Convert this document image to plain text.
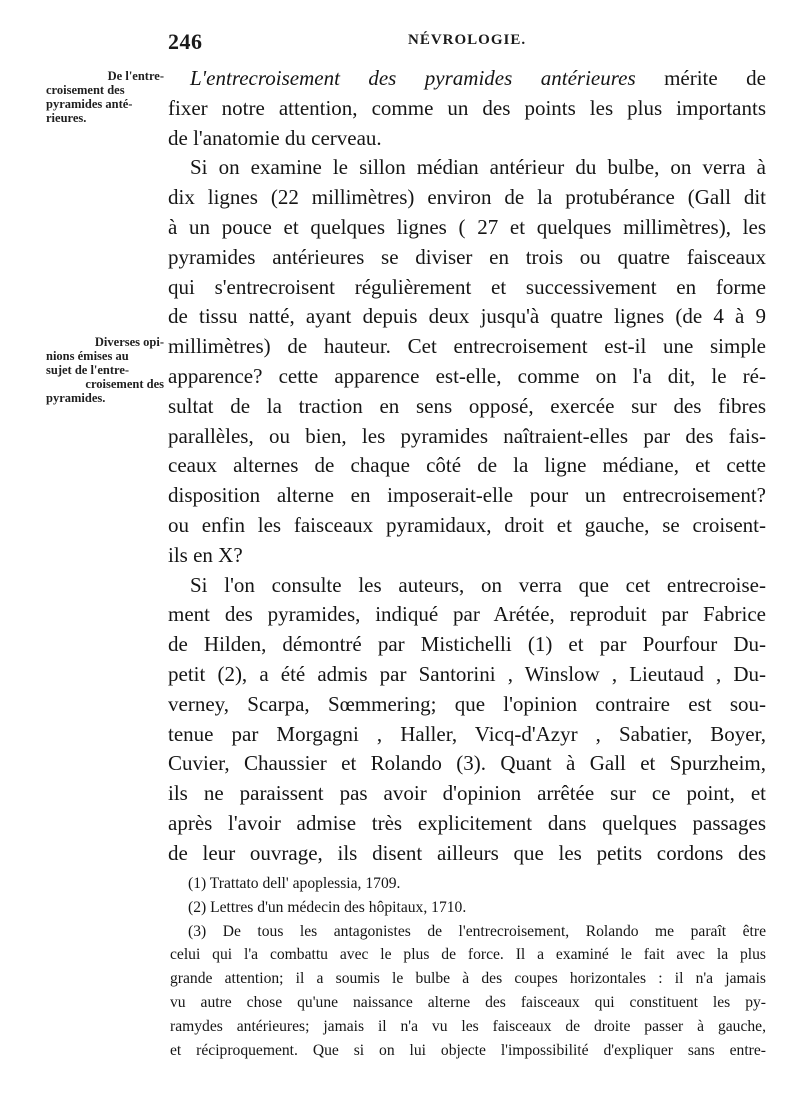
246	NÉVROLOGIE.
De l'entre-
croisement des
pyramides anté-
rieures.
Diverses opi-
nions émises au
sujet de l'entre-
croisement des
pyramides.
L'entrecroisement des pyramides antérieures mérite de
fixer notre attention, comme un des points les plus importants
de l'anatomie du cerveau.
Si on examine le sillon médian antérieur du bulbe, on verra à
dix lignes (22 millimètres) environ de la protubérance (Gall dit
à un pouce et quelques lignes ( 27 et quelques millimètres), les
pyramides antérieures se diviser en trois ou quatre faisceaux
qui s'entrecroisent régulièrement et successivement en forme
de tissu natté, ayant depuis deux jusqu'à quatre lignes (de 4 à 9
millimètres) de hauteur. Cet entrecroisement est-il une simple
apparence? cette apparence est-elle, comme on l'a dit, le ré-
sultat de la traction en sens opposé, exercée sur des fibres
parallèles, ou bien, les pyramides naîtraient-elles par des fais-
ceaux alternes de chaque côté de la ligne médiane, et cette
disposition alterne en imposerait-elle pour un entrecroisement?
ou enfin les faisceaux pyramidaux, droit et gauche, se croisent-
ils en X?
Si l'on consulte les auteurs, on verra que cet entrecroise-
ment des pyramides, indiqué par Arétée, reproduit par Fabrice
de Hilden, démontré par Mistichelli (1) et par Pourfour Du-
petit (2), a été admis par Santorini , Winslow , Lieutaud , Du-
verney, Scarpa, Sœmmering; que l'opinion contraire est sou-
tenue par Morgagni , Haller, Vicq-d'Azyr , Sabatier, Boyer,
Cuvier, Chaussier et Rolando (3). Quant à Gall et Spurzheim,
ils ne paraissent pas avoir d'opinion arrêtée sur ce point, et
après l'avoir admise très explicitement dans quelques passages
de leur ouvrage, ils disent ailleurs que les petits cordons des
(1) Trattato dell' apoplessia, 1709.
(2) Lettres d'un médecin des hôpitaux, 1710.
(3) De tous les antagonistes de l'entrecroisement, Rolando me paraît être
celui qui l'a combattu avec le plus de force. Il a examiné le fait avec la plus
grande attention; il a soumis le bulbe à des coupes horizontales : il n'a jamais
vu autre chose qu'une naissance alterne des faisceaux qui constituent les py-
ramydes antérieures; jamais il n'a vu les faisceaux de droite passer à gauche,
et réciproquement. Que si on lui objecte l'impossibilité d'expliquer sans entre-
